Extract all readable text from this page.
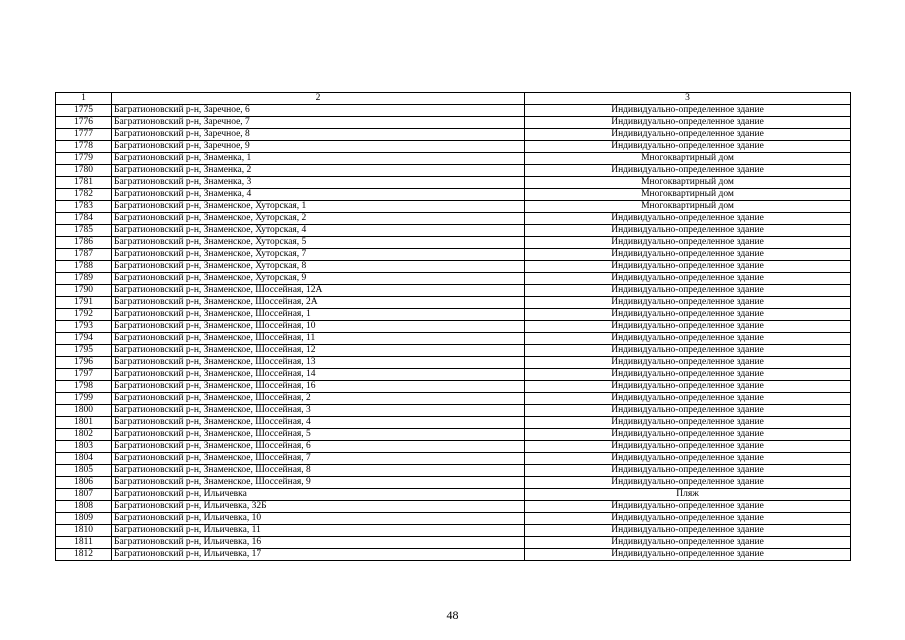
1	2	3
1775	Багратионовский р-н, Заречное, 6	Индивидуально-определенное здание
1776	Багратионовский р-н, Заречное, 7	Индивидуально-определенное здание
1777	Багратионовский р-н, Заречное, 8	Индивидуально-определенное здание
1778	Багратионовский р-н, Заречное, 9	Индивидуально-определенное здание
1779	Багратионовский р-н, Знаменка, 1	Многоквартирный дом
1780	Багратионовский р-н, Знаменка, 2	Индивидуально-определенное здание
1781	Багратионовский р-н, Знаменка, 3	Многоквартирный дом
1782	Багратионовский р-н, Знаменка, 4	Многоквартирный дом
1783	Багратионовский р-н, Знаменское, Хуторская, 1	Многоквартирный дом
1784	Багратионовский р-н, Знаменское, Хуторская, 2	Индивидуально-определенное здание
1785	Багратионовский р-н, Знаменское, Хуторская, 4	Индивидуально-определенное здание
1786	Багратионовский р-н, Знаменское, Хуторская, 5	Индивидуально-определенное здание
1787	Багратионовский р-н, Знаменское, Хуторская, 7	Индивидуально-определенное здание
1788	Багратионовский р-н, Знаменское, Хуторская, 8	Индивидуально-определенное здание
1789	Багратионовский р-н, Знаменское, Хуторская, 9	Индивидуально-определенное здание
1790	Багратионовский р-н, Знаменское, Шоссейная, 12А	Индивидуально-определенное здание
1791	Багратионовский р-н, Знаменское, Шоссейная, 2А	Индивидуально-определенное здание
1792	Багратионовский р-н, Знаменское, Шоссейная, 1	Индивидуально-определенное здание
1793	Багратионовский р-н, Знаменское, Шоссейная, 10	Индивидуально-определенное здание
1794	Багратионовский р-н, Знаменское, Шоссейная, 11	Индивидуально-определенное здание
1795	Багратионовский р-н, Знаменское, Шоссейная, 12	Индивидуально-определенное здание
1796	Багратионовский р-н, Знаменское, Шоссейная, 13	Индивидуально-определенное здание
1797	Багратионовский р-н, Знаменское, Шоссейная, 14	Индивидуально-определенное здание
1798	Багратионовский р-н, Знаменское, Шоссейная, 16	Индивидуально-определенное здание
1799	Багратионовский р-н, Знаменское, Шоссейная, 2	Индивидуально-определенное здание
1800	Багратионовский р-н, Знаменское, Шоссейная, 3	Индивидуально-определенное здание
1801	Багратионовский р-н, Знаменское, Шоссейная, 4	Индивидуально-определенное здание
1802	Багратионовский р-н, Знаменское, Шоссейная, 5	Индивидуально-определенное здание
1803	Багратионовский р-н, Знаменское, Шоссейная, 6	Индивидуально-определенное здание
1804	Багратионовский р-н, Знаменское, Шоссейная, 7	Индивидуально-определенное здание
1805	Багратионовский р-н, Знаменское, Шоссейная, 8	Индивидуально-определенное здание
1806	Багратионовский р-н, Знаменское, Шоссейная, 9	Индивидуально-определенное здание
1807	Багратионовский р-н, Ильичевка	Пляж
1808	Багратионовский р-н, Ильичевка, 32Б	Индивидуально-определенное здание
1809	Багратионовский р-н, Ильичевка, 10	Индивидуально-определенное здание
1810	Багратионовский р-н, Ильичевка, 11	Индивидуально-определенное здание
1811	Багратионовский р-н, Ильичевка, 16	Индивидуально-определенное здание
1812	Багратионовский р-н, Ильичевка, 17	Индивидуально-определенное здание
48
